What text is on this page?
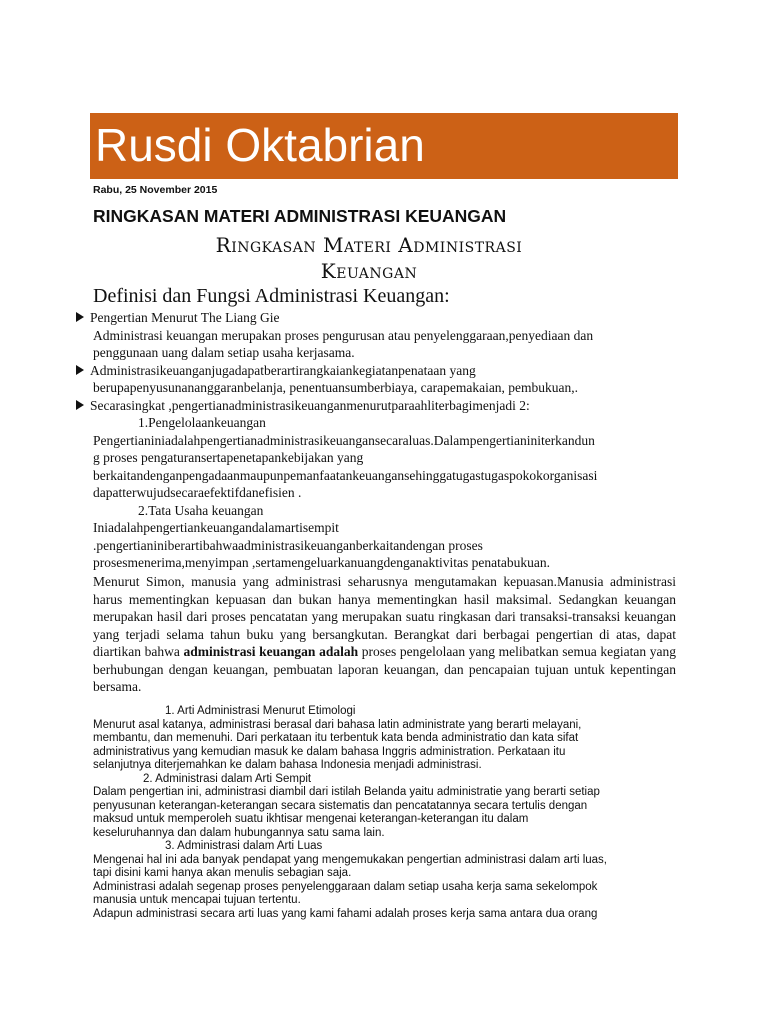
Rusdi Oktabrian
Rabu, 25 November 2015
RINGKASAN MATERI ADMINISTRASI KEUANGAN
Ringkasan Materi Administrasi
Keuangan
Definisi dan Fungsi Administrasi Keuangan:
Pengertian Menurut The Liang Gie
Administrasi keuangan merupakan proses pengurusan atau penyelenggaraan,penyediaan dan
penggunaan uang dalam setiap usaha kerjasama.
Administrasikeuanganjugadapatberartirangkaiankegiatanpenataan yang
berupapenyusunananggaranbelanja, penentuansumberbiaya, carapemakaian, pembukuan,.
Secarasingkat ,pengertianadministrasikeuanganmenurutparaahliterbagimenjadi 2:
1.Pengelolaankeuangan
Pengertianiniadalahpengertianadministrasikeuangansecaraluas.Dalampengertianiniterkandun
g proses pengaturansertapenetapankebijakan yang
berkaitandenganpengadaanmaupunpemanfaatankeuangansehinggatugastugaspokokorganisasi
dapatterwujudsecaraefektifdanefisien .
2.Tata Usaha keuangan
Iniadalahpengertiankeuangandalamartisempit
.pengertianiniberartibahwaadministrasikeuanganberkaitandengan proses
prosesmenerima,menyimpan ,sertamengeluarkanuangdenganaktivitas penatabukuan.

Menurut Simon, manusia yang administrasi seharusnya mengutamakan kepuasan.Manusia administrasi harus mementingkan kepuasan dan bukan hanya mementingkan hasil maksimal. Sedangkan keuangan merupakan hasil dari proses pencatatan yang merupakan suatu ringkasan dari transaksi-transaksi keuangan yang terjadi selama tahun buku yang bersangkutan. Berangkat dari berbagai pengertian di atas, dapat diartikan bahwa administrasi keuangan adalah proses pengelolaan yang melibatkan semua kegiatan yang berhubungan dengan keuangan, pembuatan laporan keuangan, dan pencapaian tujuan untuk kepentingan bersama.

1. Arti Administrasi Menurut Etimologi
Menurut asal katanya, administrasi berasal dari bahasa latin administrate yang berarti melayani,
membantu, dan memenuhi. Dari perkataan itu terbentuk kata benda administratio dan kata sifat
administrativus yang kemudian masuk ke dalam bahasa Inggris administration. Perkataan itu
selanjutnya diterjemahkan ke dalam bahasa Indonesia menjadi administrasi.
2. Administrasi dalam Arti Sempit
Dalam pengertian ini, administrasi diambil dari istilah Belanda yaitu administratie yang berarti setiap
penyusunan keterangan-keterangan secara sistematis dan pencatatannya secara tertulis dengan
maksud untuk memperoleh suatu ikhtisar mengenai keterangan-keterangan itu dalam
keseluruhannya dan dalam hubungannya satu sama lain.
3. Administrasi dalam Arti Luas
Mengenai hal ini ada banyak pendapat yang mengemukakan pengertian administrasi dalam arti luas,
tapi disini kami hanya akan menulis sebagian saja.
Administrasi adalah segenap proses penyelenggaraan dalam setiap usaha kerja sama sekelompok
manusia untuk mencapai tujuan tertentu.
Adapun administrasi secara arti luas yang kami fahami adalah proses kerja sama antara dua orang
